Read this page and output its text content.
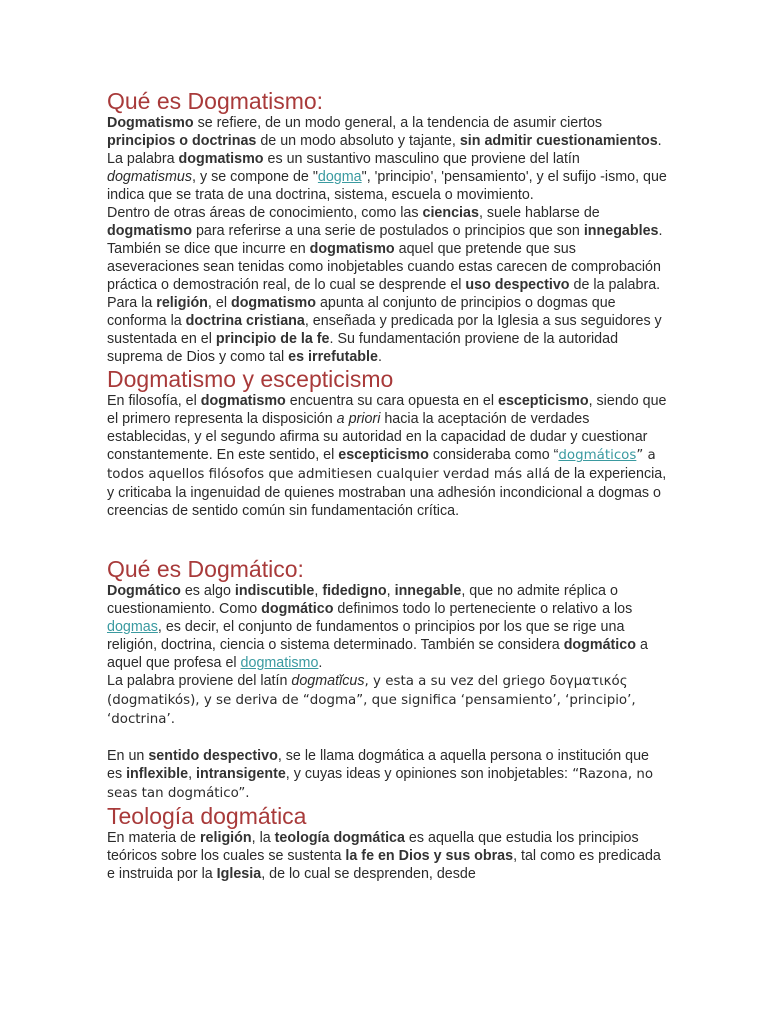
Qué es Dogmatismo:

Dogmatismo se refiere, de un modo general, a la tendencia de asumir ciertos principios o doctrinas de un modo absoluto y tajante, sin admitir cuestionamientos.

La palabra dogmatismo es un sustantivo masculino que proviene del latín dogmatismus, y se compone de "dogma", 'principio', 'pensamiento', y el sufijo -ismo, que indica que se trata de una doctrina, sistema, escuela o movimiento.

Dentro de otras áreas de conocimiento, como las ciencias, suele hablarse de dogmatismo para referirse a una serie de postulados o principios que son innegables.

También se dice que incurre en dogmatismo aquel que pretende que sus aseveraciones sean tenidas como inobjetables cuando estas carecen de comprobación práctica o demostración real, de lo cual se desprende el uso despectivo de la palabra.

Para la religión, el dogmatismo apunta al conjunto de principios o dogmas que conforma la doctrina cristiana, enseñada y predicada por la Iglesia a sus seguidores y sustentada en el principio de la fe. Su fundamentación proviene de la autoridad suprema de Dios y como tal es irrefutable.

Dogmatismo y escepticismo

En filosofía, el dogmatismo encuentra su cara opuesta en el escepticismo, siendo que el primero representa la disposición a priori hacia la aceptación de verdades establecidas, y el segundo afirma su autoridad en la capacidad de dudar y cuestionar constantemente. En este sentido, el escepticismo consideraba como “dogmáticos” a todos aquellos filósofos que admitiesen cualquier verdad más allá de la experiencia, y criticaba la ingenuidad de quienes mostraban una adhesión incondicional a dogmas o creencias de sentido común sin fundamentación crítica.

Qué es Dogmático:

Dogmático es algo indiscutible, fidedigno, innegable, que no admite réplica o cuestionamiento. Como dogmático definimos todo lo perteneciente o relativo a los dogmas, es decir, el conjunto de fundamentos o principios por los que se rige una religión, doctrina, ciencia o sistema determinado. También se considera dogmático a aquel que profesa el dogmatismo.

La palabra proviene del latín dogmatĭcus, y esta a su vez del griego δογματικός (dogmatikós), y se deriva de “dogma”, que significa ‘pensamiento’, ‘principio’, ‘doctrina’.

En un sentido despectivo, se le llama dogmática a aquella persona o institución que es inflexible, intransigente, y cuyas ideas y opiniones son inobjetables: “Razona, no seas tan dogmático”.

Teología dogmática

En materia de religión, la teología dogmática es aquella que estudia los principios teóricos sobre los cuales se sustenta la fe en Dios y sus obras, tal como es predicada e instruida por la Iglesia, de lo cual se desprenden, desde
